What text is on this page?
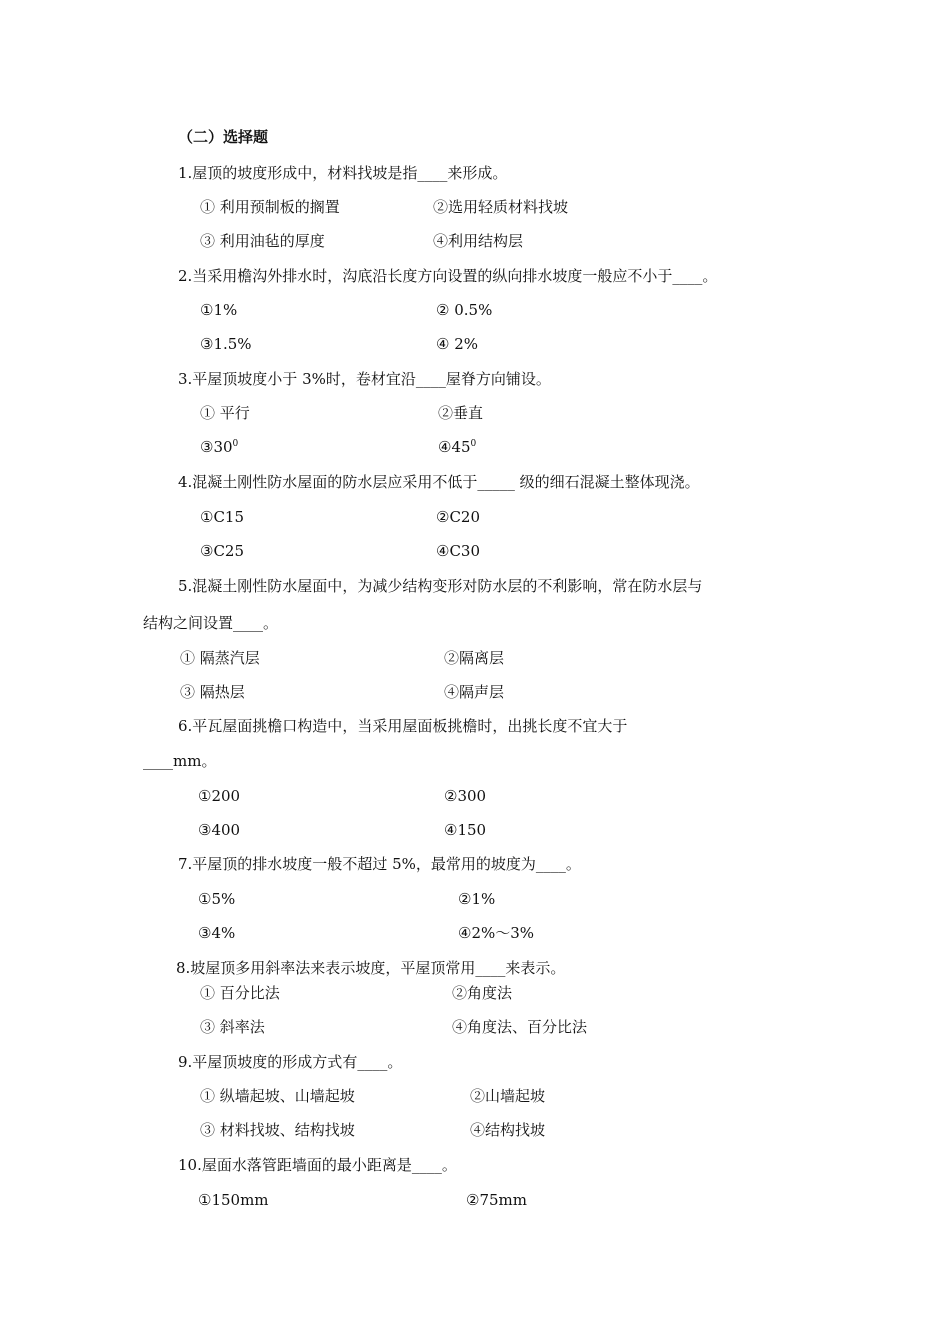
（二）选择题
1.屋顶的坡度形成中，材料找坡是指____来形成。
① 利用预制板的搁置	②选用轻质材料找坡
③ 利用油毡的厚度	④利用结构层
2.当采用檐沟外排水时，沟底沿长度方向设置的纵向排水坡度一般应不小于____。
①1%	② 0.5%
③1.5%	④ 2%
3.平屋顶坡度小于 3%时，卷材宜沿____屋脊方向铺设。
① 平行	②垂直
$③30^0$	$④45^0$
4.混凝土刚性防水屋面的防水层应采用不低于_____ 级的细石混凝土整体现浇。
①C15	②C20
③C25	④C30
5.混凝土刚性防水屋面中，为减少结构变形对防水层的不利影响，常在防水层与
结构之间设置____。
① 隔蒸汽层	②隔离层
③ 隔热层	④隔声层
6.平瓦屋面挑檐口构造中，当采用屋面板挑檐时，出挑长度不宜大于
____mm。
①200	②300
③400	④150
7.平屋顶的排水坡度一般不超过 5%，最常用的坡度为____。
①5%	②1%
③4%	④2%～3%
8.坡屋顶多用斜率法来表示坡度，平屋顶常用____来表示。
① 百分比法	②角度法
③ 斜率法	④角度法、百分比法
9.平屋顶坡度的形成方式有____。
① 纵墙起坡、山墙起坡	②山墙起坡
③ 材料找坡、结构找坡	④结构找坡
10.屋面水落管距墙面的最小距离是____。
①150mm	②75mm
